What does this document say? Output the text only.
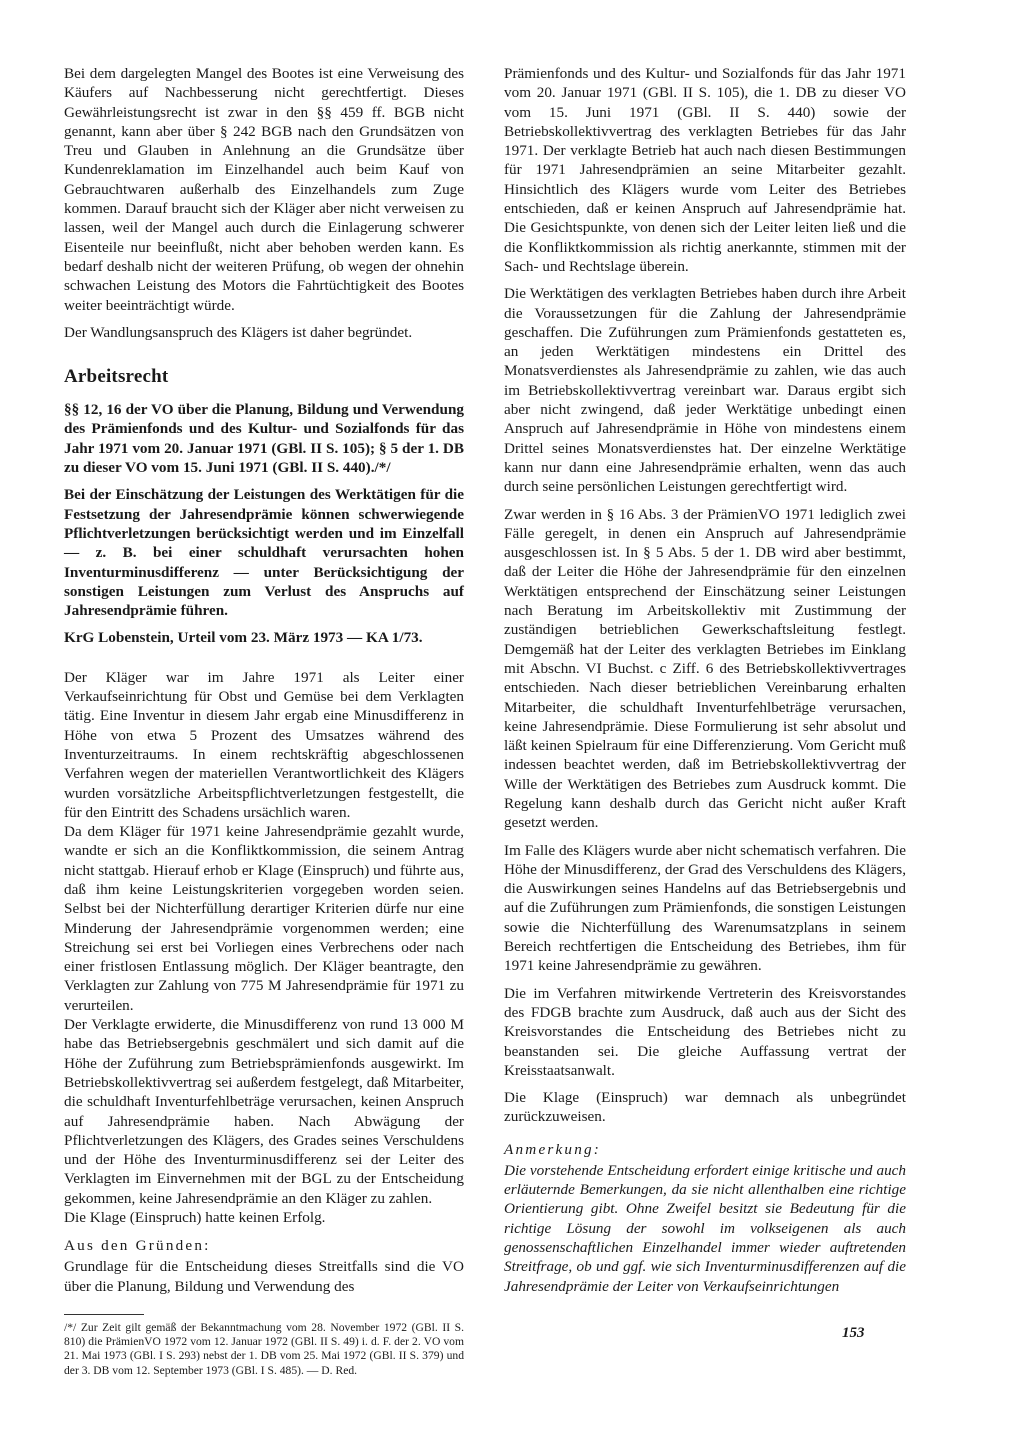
Bei dem dargelegten Mangel des Bootes ist eine Verweisung des Käufers auf Nachbesserung nicht gerechtfertigt. Dieses Gewährleistungsrecht ist zwar in den §§ 459 ff. BGB nicht genannt, kann aber über § 242 BGB nach den Grundsätzen von Treu und Glauben in Anlehnung an die Grundsätze über Kundenreklamation im Einzelhandel auch beim Kauf von Gebrauchtwaren außerhalb des Einzelhandels zum Zuge kommen. Darauf braucht sich der Kläger aber nicht verweisen zu lassen, weil der Mangel auch durch die Einlagerung schwerer Eisenteile nur beeinflußt, nicht aber behoben werden kann. Es bedarf deshalb nicht der weiteren Prüfung, ob wegen der ohnehin schwachen Leistung des Motors die Fahrtüchtigkeit des Bootes weiter beeinträchtigt würde.

Der Wandlungsanspruch des Klägers ist daher begründet.

Arbeitsrecht

§§ 12, 16 der VO über die Planung, Bildung und Verwendung des Prämienfonds und des Kultur- und Sozialfonds für das Jahr 1971 vom 20. Januar 1971 (GBl. II S. 105); § 5 der 1. DB zu dieser VO vom 15. Juni 1971 (GBl. II S. 440)./*/

Bei der Einschätzung der Leistungen des Werktätigen für die Festsetzung der Jahresendprämie können schwerwiegende Pflichtverletzungen berücksichtigt werden und im Einzelfall — z. B. bei einer schuldhaft verursachten hohen Inventurminusdifferenz — unter Berücksichtigung der sonstigen Leistungen zum Verlust des Anspruchs auf Jahresendprämie führen.

KrG Lobenstein, Urteil vom 23. März 1973 — KA 1/73.

Der Kläger war im Jahre 1971 als Leiter einer Verkaufseinrichtung für Obst und Gemüse bei dem Verklagten tätig. Eine Inventur in diesem Jahr ergab eine Minusdifferenz in Höhe von etwa 5 Prozent des Umsatzes während des Inventurzeitraums. In einem rechtskräftig abgeschlossenen Verfahren wegen der materiellen Verantwortlichkeit des Klägers wurden vorsätzliche Arbeitspflichtverletzungen festgestellt, die für den Eintritt des Schadens ursächlich waren.

Da dem Kläger für 1971 keine Jahresendprämie gezahlt wurde, wandte er sich an die Konfliktkommission, die seinem Antrag nicht stattgab. Hierauf erhob er Klage (Einspruch) und führte aus, daß ihm keine Leistungskriterien vorgegeben worden seien. Selbst bei der Nichterfüllung derartiger Kriterien dürfe nur eine Minderung der Jahresendprämie vorgenommen werden; eine Streichung sei erst bei Vorliegen eines Verbrechens oder nach einer fristlosen Entlassung möglich. Der Kläger beantragte, den Verklagten zur Zahlung von 775 M Jahresendprämie für 1971 zu verurteilen.

Der Verklagte erwiderte, die Minusdifferenz von rund 13 000 M habe das Betriebsergebnis geschmälert und sich damit auf die Höhe der Zuführung zum Betriebsprämienfonds ausgewirkt. Im Betriebskollektivvertrag sei außerdem festgelegt, daß Mitarbeiter, die schuldhaft Inventurfehlbeträge verursachen, keinen Anspruch auf Jahresendprämie haben. Nach Abwägung der Pflichtverletzungen des Klägers, des Grades seines Verschuldens und der Höhe des Inventurminusdifferenz sei der Leiter des Verklagten im Einvernehmen mit der BGL zu der Entscheidung gekommen, keine Jahresendprämie an den Kläger zu zahlen.

Die Klage (Einspruch) hatte keinen Erfolg.

Aus den Gründen:

Grundlage für die Entscheidung dieses Streitfalls sind die VO über die Planung, Bildung und Verwendung des

/*/ Zur Zeit gilt gemäß der Bekanntmachung vom 28. November 1972 (GBl. II S. 810) die PrämienVO 1972 vom 12. Januar 1972 (GBl. II S. 49) i. d. F. der 2. VO vom 21. Mai 1973 (GBl. I S. 293) nebst der 1. DB vom 25. Mai 1972 (GBl. II S. 379) und der 3. DB vom 12. September 1973 (GBl. I S. 485). — D. Red.

Prämienfonds und des Kultur- und Sozialfonds für das Jahr 1971 vom 20. Januar 1971 (GBl. II S. 105), die 1. DB zu dieser VO vom 15. Juni 1971 (GBl. II S. 440) sowie der Betriebskollektivvertrag des verklagten Betriebes für das Jahr 1971. Der verklagte Betrieb hat auch nach diesen Bestimmungen für 1971 Jahresendprämien an seine Mitarbeiter gezahlt. Hinsichtlich des Klägers wurde vom Leiter des Betriebes entschieden, daß er keinen Anspruch auf Jahresendprämie hat. Die Gesichtspunkte, von denen sich der Leiter leiten ließ und die die Konfliktkommission als richtig anerkannte, stimmen mit der Sach- und Rechtslage überein.

Die Werktätigen des verklagten Betriebes haben durch ihre Arbeit die Voraussetzungen für die Zahlung der Jahresendprämie geschaffen. Die Zuführungen zum Prämienfonds gestatteten es, an jeden Werktätigen mindestens ein Drittel des Monatsverdienstes als Jahresendprämie zu zahlen, wie das auch im Betriebskollektivvertrag vereinbart war. Daraus ergibt sich aber nicht zwingend, daß jeder Werktätige unbedingt einen Anspruch auf Jahresendprämie in Höhe von mindestens einem Drittel seines Monatsverdienstes hat. Der einzelne Werktätige kann nur dann eine Jahresendprämie erhalten, wenn das auch durch seine persönlichen Leistungen gerechtfertigt wird.

Zwar werden in § 16 Abs. 3 der PrämienVO 1971 lediglich zwei Fälle geregelt, in denen ein Anspruch auf Jahresendprämie ausgeschlossen ist. In § 5 Abs. 5 der 1. DB wird aber bestimmt, daß der Leiter die Höhe der Jahresendprämie für den einzelnen Werktätigen entsprechend der Einschätzung seiner Leistungen nach Beratung im Arbeitskollektiv mit Zustimmung der zuständigen betrieblichen Gewerkschaftsleitung festlegt. Demgemäß hat der Leiter des verklagten Betriebes im Einklang mit Abschn. VI Buchst. c Ziff. 6 des Betriebskollektivvertrages entschieden. Nach dieser betrieblichen Vereinbarung erhalten Mitarbeiter, die schuldhaft Inventurfehlbeträge verursachen, keine Jahresendprämie. Diese Formulierung ist sehr absolut und läßt keinen Spielraum für eine Differenzierung. Vom Gericht muß indessen beachtet werden, daß im Betriebskollektivvertrag der Wille der Werktätigen des Betriebes zum Ausdruck kommt. Die Regelung kann deshalb durch das Gericht nicht außer Kraft gesetzt werden.

Im Falle des Klägers wurde aber nicht schematisch verfahren. Die Höhe der Minusdifferenz, der Grad des Verschuldens des Klägers, die Auswirkungen seines Handelns auf das Betriebsergebnis und auf die Zuführungen zum Prämienfonds, die sonstigen Leistungen sowie die Nichterfüllung des Warenumsatzplans in seinem Bereich rechtfertigen die Entscheidung des Betriebes, ihm für 1971 keine Jahresendprämie zu gewähren.

Die im Verfahren mitwirkende Vertreterin des Kreisvorstandes des FDGB brachte zum Ausdruck, daß auch aus der Sicht des Kreisvorstandes die Entscheidung des Betriebes nicht zu beanstanden sei. Die gleiche Auffassung vertrat der Kreisstaatsanwalt.

Die Klage (Einspruch) war demnach als unbegründet zurückzuweisen.

Anmerkung:

Die vorstehende Entscheidung erfordert einige kritische und auch erläuternde Bemerkungen, da sie nicht allenthalben eine richtige Orientierung gibt. Ohne Zweifel besitzt sie Bedeutung für die richtige Lösung der sowohl im volkseigenen als auch genossenschaftlichen Einzelhandel immer wieder auftretenden Streitfrage, ob und ggf. wie sich Inventurminusdifferenzen auf die Jahresendprämie der Leiter von Verkaufseinrichtungen

153
